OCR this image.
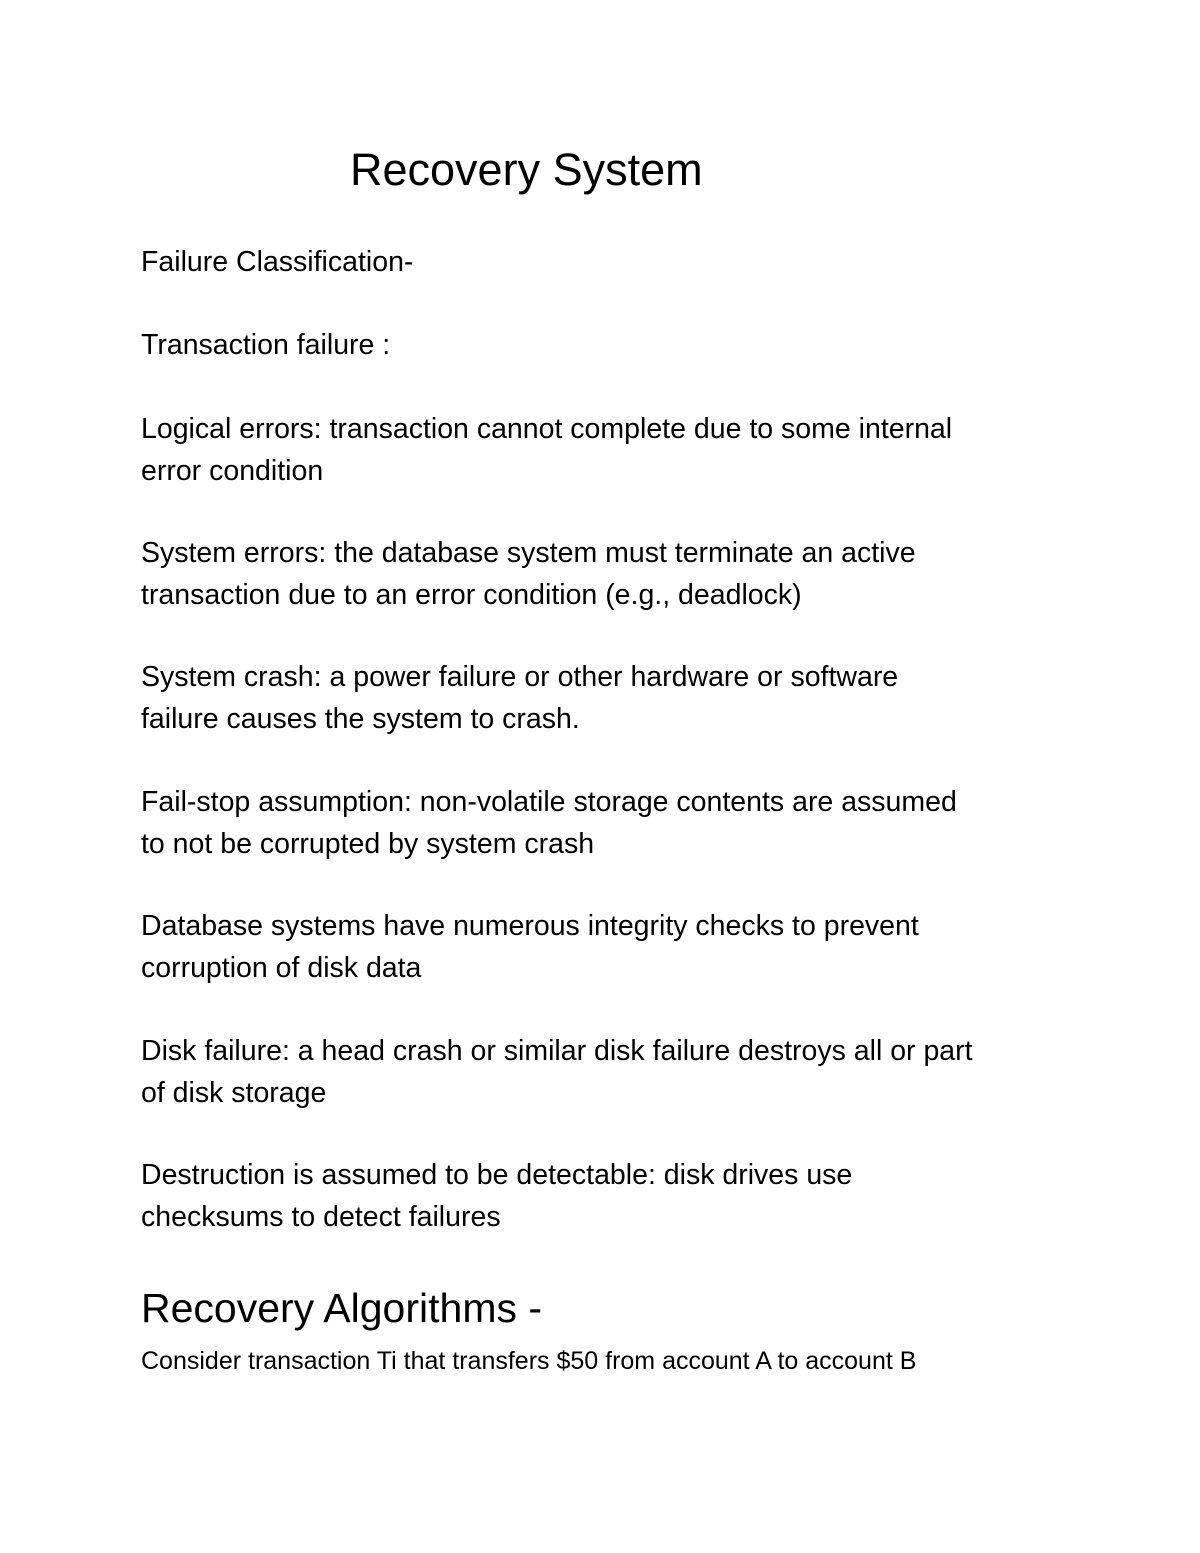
Recovery System

Failure Classification-

Transaction failure :

Logical errors: transaction cannot complete due to some internal
error condition

System errors: the database system must terminate an active
transaction due to an error condition (e.g., deadlock)

System crash: a power failure or other hardware or software
failure causes the system to crash.

Fail-stop assumption: non-volatile storage contents are assumed
to not be corrupted by system crash

Database systems have numerous integrity checks to prevent
corruption of disk data

Disk failure: a head crash or similar disk failure destroys all or part
of disk storage

Destruction is assumed to be detectable: disk drives use
checksums to detect failures

Recovery Algorithms -

Consider transaction Ti that transfers $50 from account A to account B
